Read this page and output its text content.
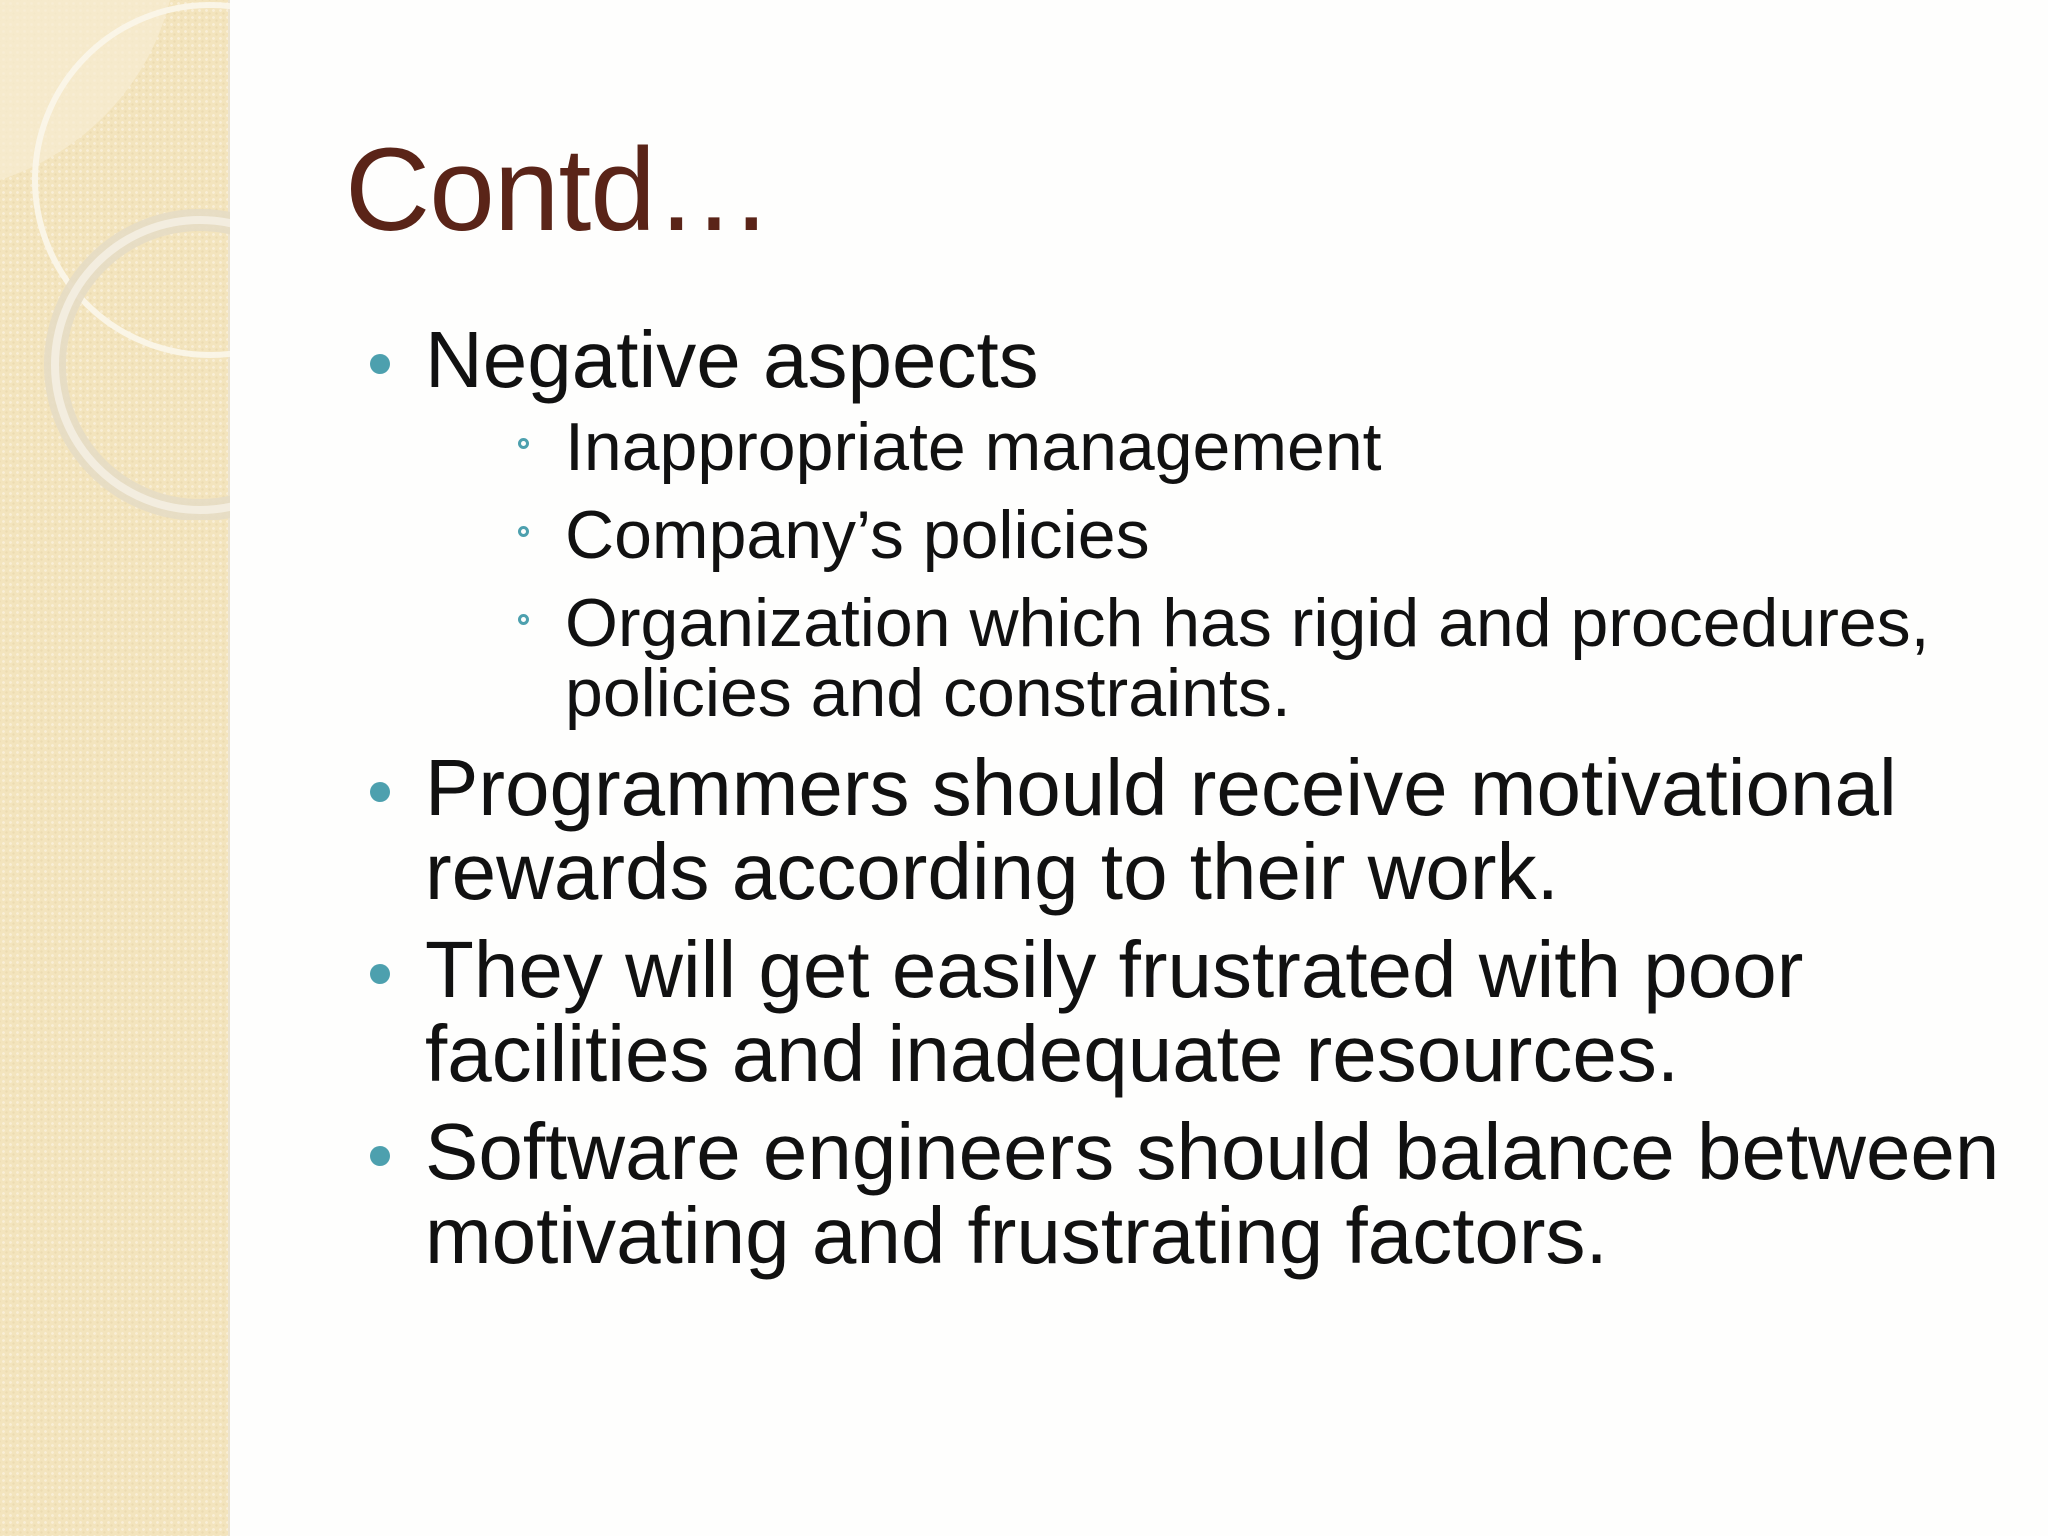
Contd…
Negative aspects
Inappropriate management
Company’s policies
Organization which has rigid and procedures, policies and constraints.
Programmers should receive motivational rewards according to their work.
They will get easily frustrated with poor facilities and inadequate resources.
Software engineers should balance between motivating and frustrating factors.
